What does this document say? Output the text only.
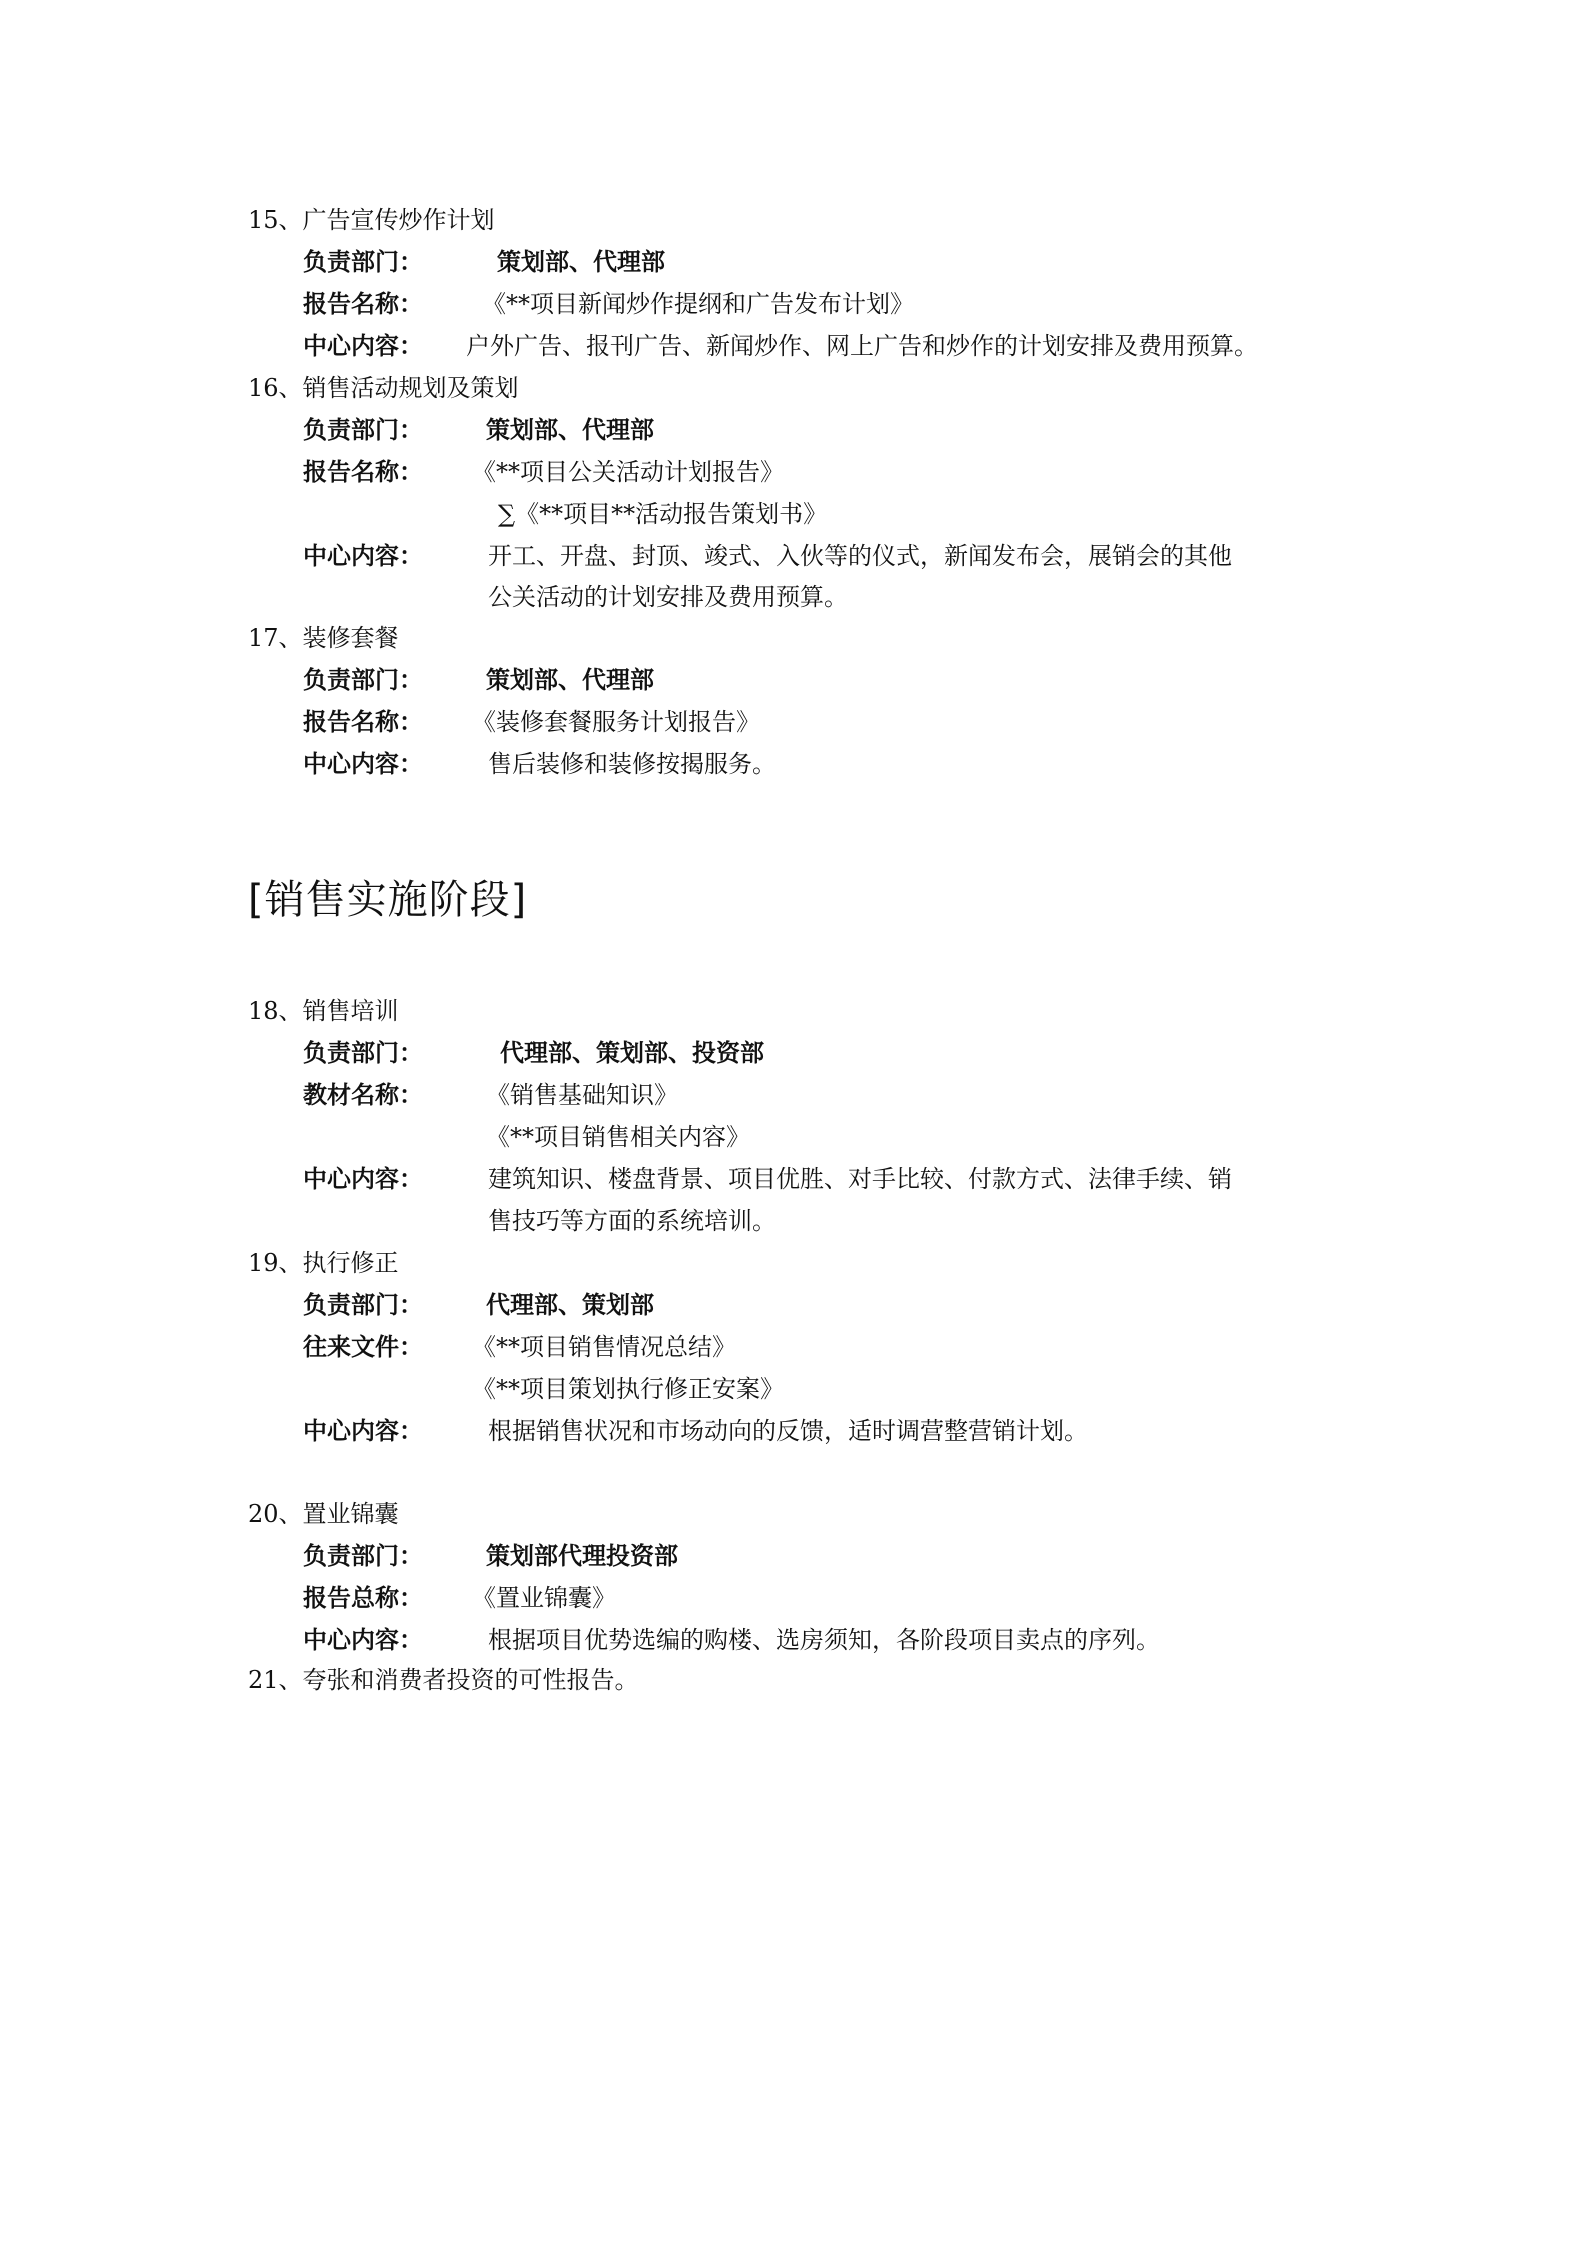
15、广告宣传炒作计划
负责部门：	策划部、代理部
报告名称： 《**项目新闻炒作提纲和广告发布计划》
中心内容： 户外广告、报刊广告、新闻炒作、网上广告和炒作的计划安排及费用预算。
16、销售活动规划及策划
负责部门：	策划部、代理部
报告名称： 《**项目公关活动计划报告》
∑《**项目**活动报告策划书》
中心内容：	开工、开盘、封顶、竣式、入伙等的仪式，新闻发布会，展销会的其他
公关活动的计划安排及费用预算。
17、装修套餐
负责部门：	策划部、代理部
报告名称： 《装修套餐服务计划报告》
中心内容：	售后装修和装修按揭服务。
[销售实施阶段]
18、销售培训
负责部门：	代理部、策划部、投资部
教材名称：	《销售基础知识》
《**项目销售相关内容》
中心内容：	建筑知识、楼盘背景、项目优胜、对手比较、付款方式、法律手续、销
售技巧等方面的系统培训。
19、执行修正
负责部门：	代理部、策划部
往来文件： 《**项目销售情况总结》
《**项目策划执行修正安案》
中心内容：	根据销售状况和市场动向的反馈，适时调营整营销计划。
20、置业锦囊
负责部门：	策划部代理投资部
报告总称： 《置业锦囊》
中心内容：	根据项目优势选编的购楼、选房须知，各阶段项目卖点的序列。
21、夸张和消费者投资的可性报告。
